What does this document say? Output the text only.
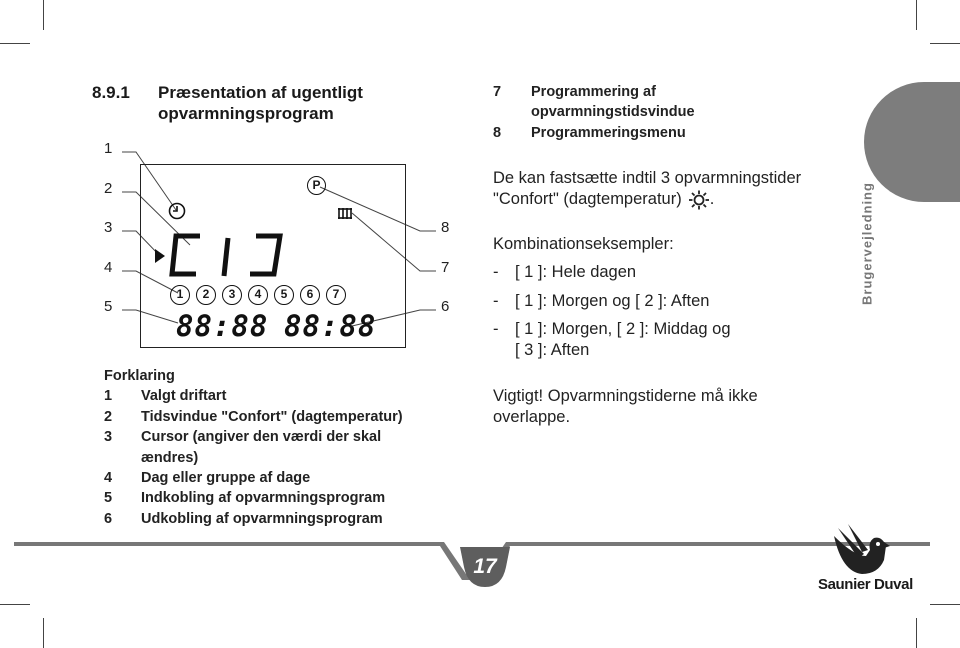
8.9.1 Præsentation af ugentligt
opvarmningsprogram
1
2
3
4
5
8
7
6
P
1	2	3	4	5	6	7
88:88 88:88
Forklaring
1	Valgt driftart
2	Tidsvindue "Confort" (dagtemperatur)
3	Cursor (angiver den værdi der skal
ændres)
4	Dag eller gruppe af dage
5	Indkobling af opvarmningsprogram
6	Udkobling af opvarmningsprogram
7	Programmering af
opvarmningstidsvindue
8	Programmeringsmenu
De kan fastsætte indtil 3 opvarmningstider
"Confort" (dagtemperatur) .
Kombinationseksempler:
-	[ 1 ]: Hele dagen
-	[ 1 ]: Morgen og [ 2 ]: Aften
-	[ 1 ]: Morgen, [ 2 ]: Middag og
[ 3 ]: Aften
Vigtigt! Opvarmningstiderne må ikke
overlappe.
Brugervejledning
17
Saunier Duval
